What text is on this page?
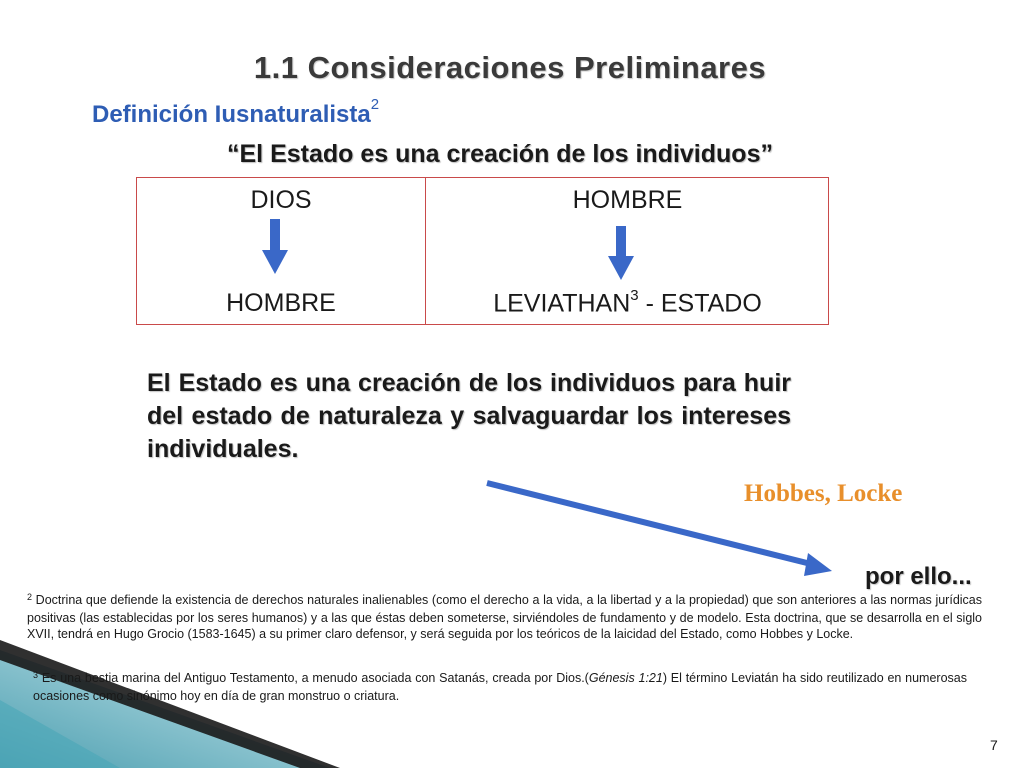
1.1 Consideraciones Preliminares
Definición Iusnaturalista$^2$
“El Estado es una creación de los individuos”
DIOS
HOMBRE
HOMBRE
LEVIATHAN$^3$ - ESTADO
El Estado es una creación de los individuos para huir del estado de naturaleza y salvaguardar los intereses individuales.
Hobbes, Locke
por ello...
$^2$ Doctrina que defiende la existencia de derechos naturales inalienables (como el derecho a la vida, a la libertad y a la propiedad) que son anteriores a las normas jurídicas positivas (las establecidas por los seres humanos) y a las que éstas deben someterse, sirviéndoles de fundamento y de modelo. Esta doctrina, que se desarrolla en el siglo XVII, tendrá en Hugo Grocio (1583-1645) a su primer claro defensor, y será seguida por los teóricos de la laicidad del Estado, como Hobbes y Locke.
$^3$ Es una bestia marina del Antiguo Testamento, a menudo asociada con Satanás, creada por Dios.(Génesis 1:21) El término Leviatán ha sido reutilizado en numerosas ocasiones como sinónimo hoy en día de gran monstruo o criatura.
7
